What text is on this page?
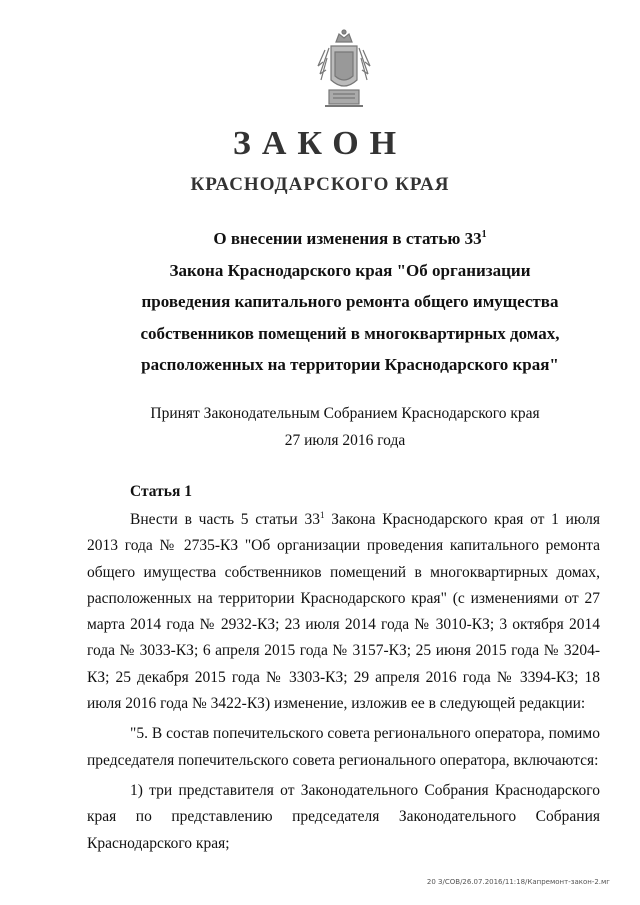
ЗАКОН
КРАСНОДАРСКОГО КРАЯ
О внесении изменения в статью $33^1$
Закона Краснодарского края "Об организации
проведения капитального ремонта общего имущества
собственников помещений в многоквартирных домах,
расположенных на территории Краснодарского края"
Принят Законодательным Собранием Краснодарского края
27 июля 2016 года
Статья 1

Внести в часть 5 статьи $33^1$ Закона Краснодарского края от 1 июля 2013 года № 2735-КЗ "Об организации проведения капитального ремонта общего имущества собственников помещений в многоквартирных домах, расположенных на территории Краснодарского края" (с изменениями от 27 марта 2014 года № 2932-КЗ; 23 июля 2014 года № 3010-КЗ; 3 октября 2014 года № 3033-КЗ; 6 апреля 2015 года № 3157-КЗ; 25 июня 2015 года № 3204-КЗ; 25 декабря 2015 года № 3303-КЗ; 29 апреля 2016 года № 3394-КЗ; 18 июля 2016 года № 3422-КЗ) изменение, изложив ее в следующей редакции:

"5. В состав попечительского совета регионального оператора, помимо председателя попечительского совета регионального оператора, включаются:

1) три представителя от Законодательного Собрания Краснодарского края по представлению председателя Законодательного Собрания Краснодарского края;

20 З/СОВ/26.07.2016/11:18/Капремонт-закон-2.мг
